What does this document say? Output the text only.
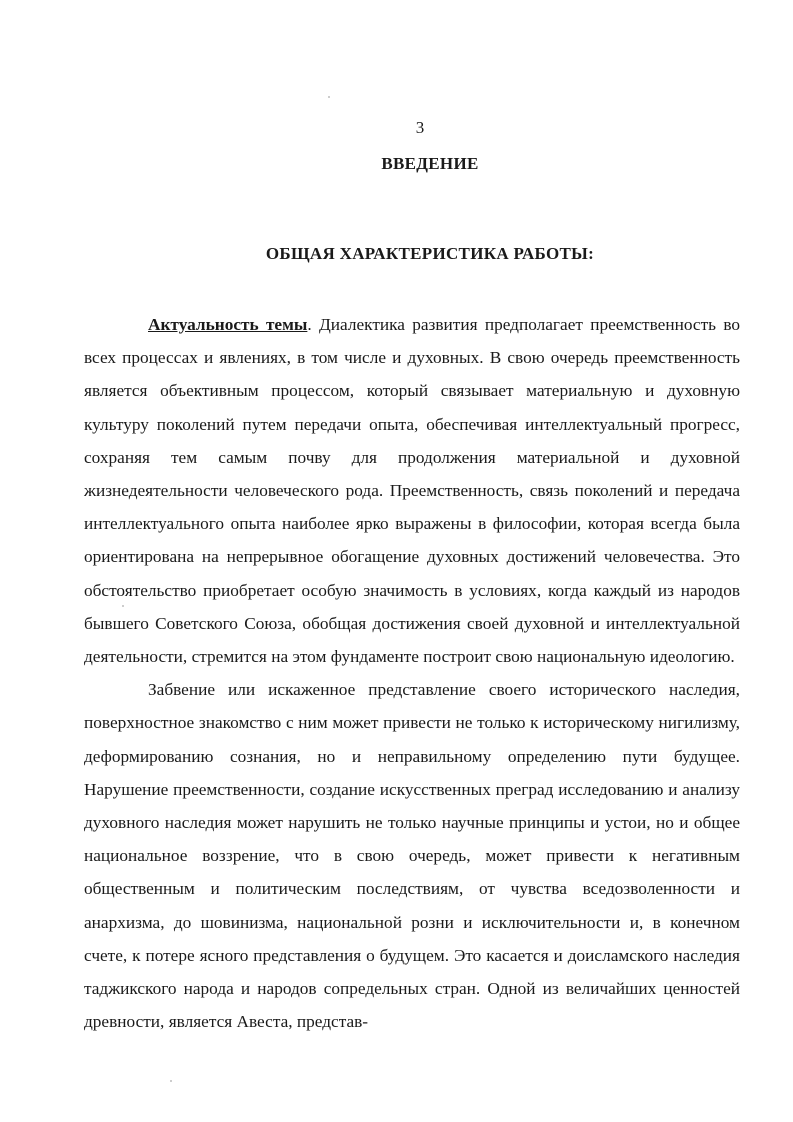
3
ВВЕДЕНИЕ
ОБЩАЯ ХАРАКТЕРИСТИКА РАБОТЫ:

Актуальность темы. Диалектика развития предполагает преемственность во всех процессах и явлениях, в том числе и духовных. В свою очередь преемственность является объективным процессом, который связывает материальную и духовную культуру поколений путем передачи опыта, обеспечивая интеллектуальный прогресс, сохраняя тем самым почву для продолжения материальной и духовной жизнедеятельности человеческого рода. Преемственность, связь поколений и передача интеллектуального опыта наиболее ярко выражены в философии, которая всегда была ориентирована на непрерывное обогащение духовных достижений человечества. Это обстоятельство приобретает особую значимость в условиях, когда каждый из народов бывшего Советского Союза, обобщая достижения своей духовной и интеллектуальной деятельности, стремится на этом фундаменте построит свою национальную идеологию.

Забвение или искаженное представление своего исторического наследия, поверхностное знакомство с ним может привести не только к историческому нигилизму, деформированию сознания, но и неправильному определению пути будущее. Нарушение преемственности, создание искусственных преград исследованию и анализу духовного наследия может нарушить не только научные принципы и устои, но и общее национальное воззрение, что в свою очередь, может привести к негативным общественным и политическим последствиям, от чувства вседозволенности и анархизма, до шовинизма, национальной розни и исключительности и, в конечном счете, к потере ясного представления о будущем. Это касается и доисламского наследия таджикского народа и народов сопредельных стран. Одной из величайших ценностей древности, является Авеста, представ-
